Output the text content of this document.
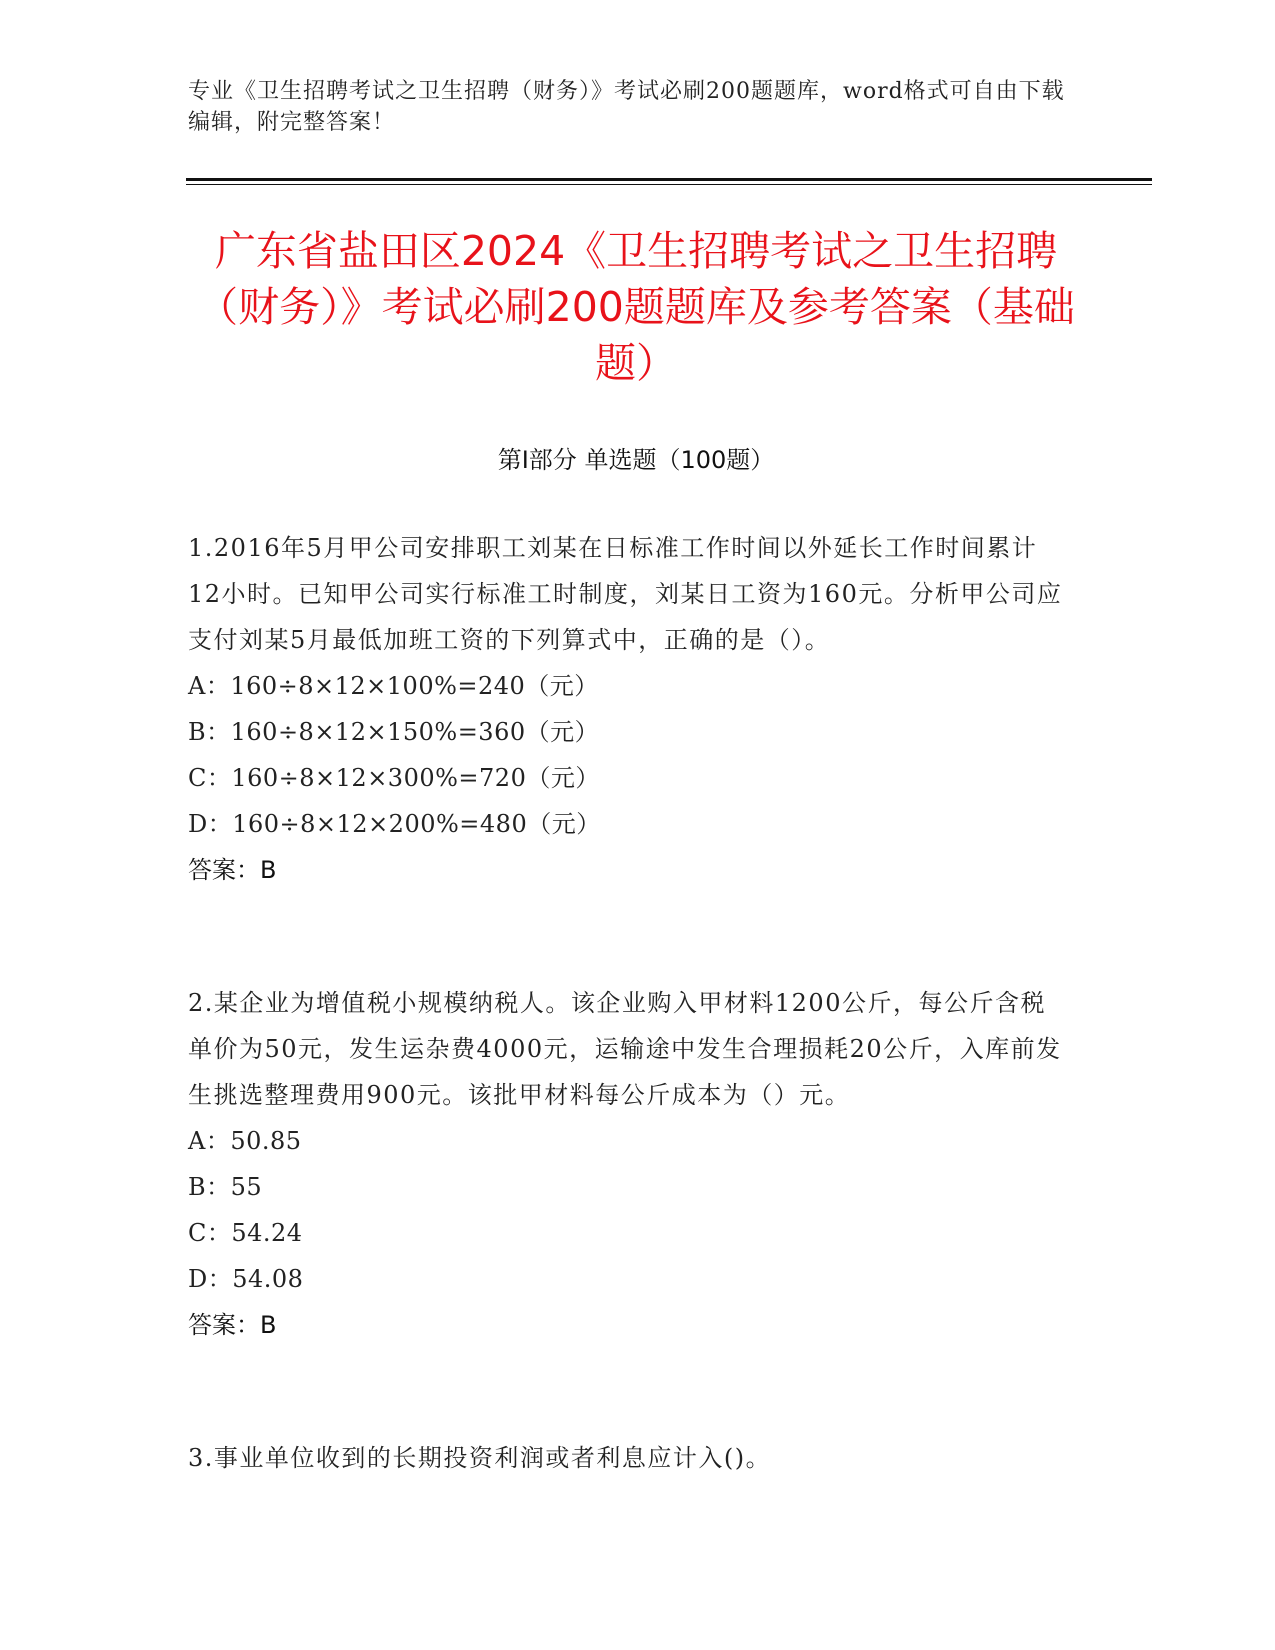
专业《卫生招聘考试之卫生招聘（财务）》考试必刷200题题库，word格式可自由下载编辑，附完整答案！
广东省盐田区2024《卫生招聘考试之卫生招聘（财务）》考试必刷200题题库及参考答案（基础题）
第Ⅰ部分 单选题（100题）
1.2016年5月甲公司安排职工刘某在日标准工作时间以外延长工作时间累计12小时。已知甲公司实行标准工时制度，刘某日工资为160元。分析甲公司应支付刘某5月最低加班工资的下列算式中，正确的是（）。
A：160÷8×12×100%=240（元）
B：160÷8×12×150%=360（元）
C：160÷8×12×300%=720（元）
D：160÷8×12×200%=480（元）
答案：B
2.某企业为增值税小规模纳税人。该企业购入甲材料1200公斤，每公斤含税单价为50元，发生运杂费4000元，运输途中发生合理损耗20公斤，入库前发生挑选整理费用900元。该批甲材料每公斤成本为（）元。
A：50.85
B：55
C：54.24
D：54.08
答案：B
3.事业单位收到的长期投资利润或者利息应计入()。
